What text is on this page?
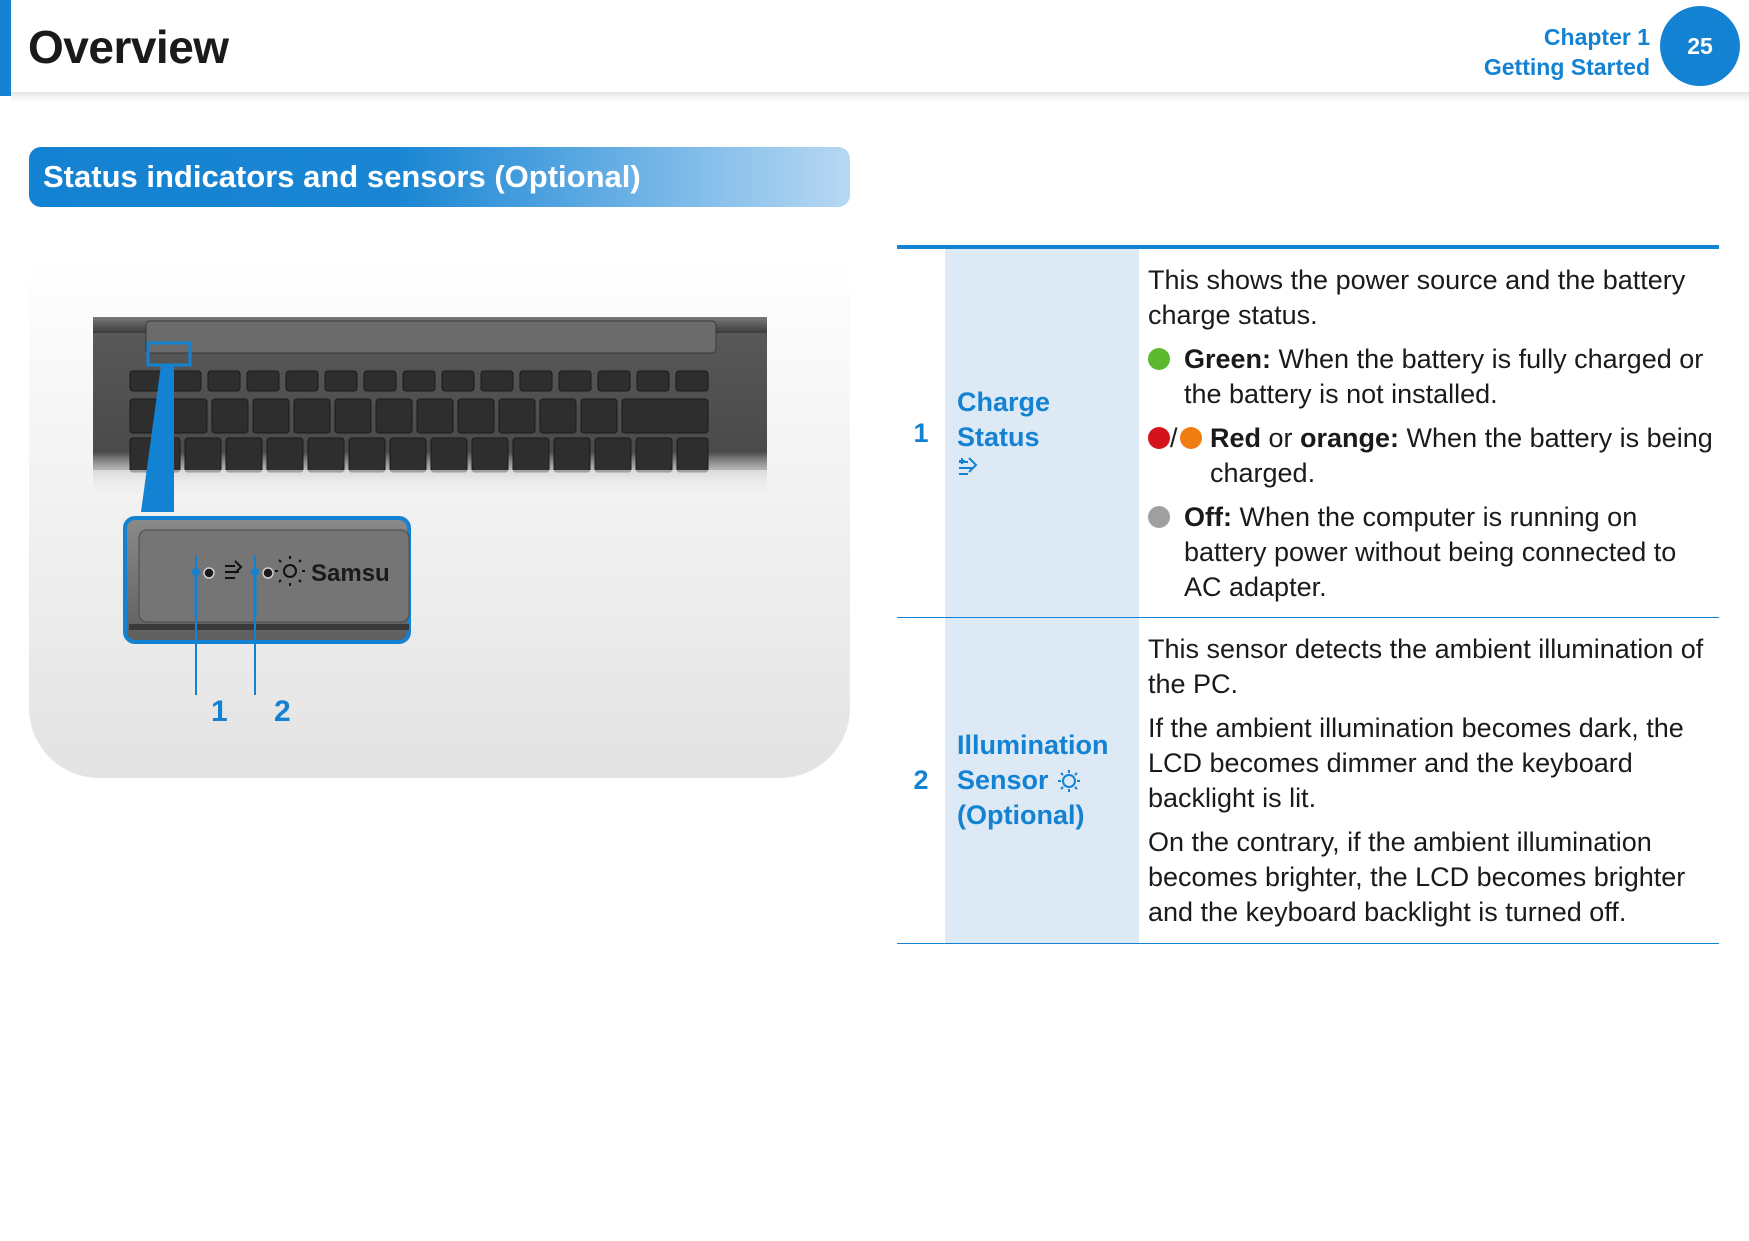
Overview	Chapter 1
Getting Started
25
Status indicators and sensors (Optional)
Samsu
1 2
1
Charge Status

This shows the power source and the battery charge status.

Green: When the battery is fully charged or the battery is not installed.
/ Red or orange: When the battery is being charged.
Off: When the computer is running on battery power without being connected to AC adapter.
2
Illumination
Sensor
(Optional)

This sensor detects the ambient illumination of the PC.

If the ambient illumination becomes dark, the LCD becomes dimmer and the keyboard backlight is lit.

On the contrary, if the ambient illumination becomes brighter, the LCD becomes brighter and the keyboard backlight is turned off.
